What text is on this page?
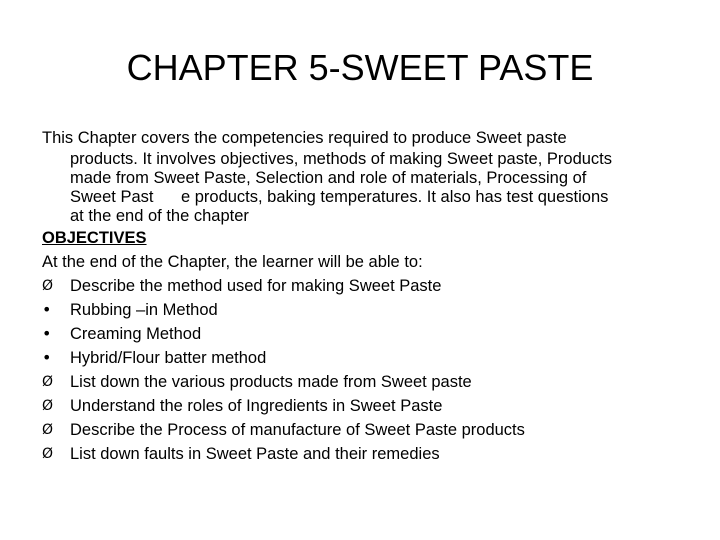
CHAPTER 5-SWEET PASTE

This Chapter covers the competencies required to produce Sweet paste
products. It involves objectives, methods of making Sweet paste, Products
made from Sweet Paste, Selection and role of materials, Processing of
Sweet Past      e products, baking temperatures. It also has test questions
at the end of the chapter

OBJECTIVES

At the end of the Chapter, the learner will be able to:

Ø	Describe the method used for making Sweet Paste
•	Rubbing –in Method
•	Creaming Method
•	Hybrid/Flour batter method
Ø	List down the various products made from Sweet paste
Ø	Understand the roles of Ingredients in Sweet Paste
Ø	Describe the Process of manufacture of Sweet Paste products
Ø	List down faults in Sweet Paste and their remedies
